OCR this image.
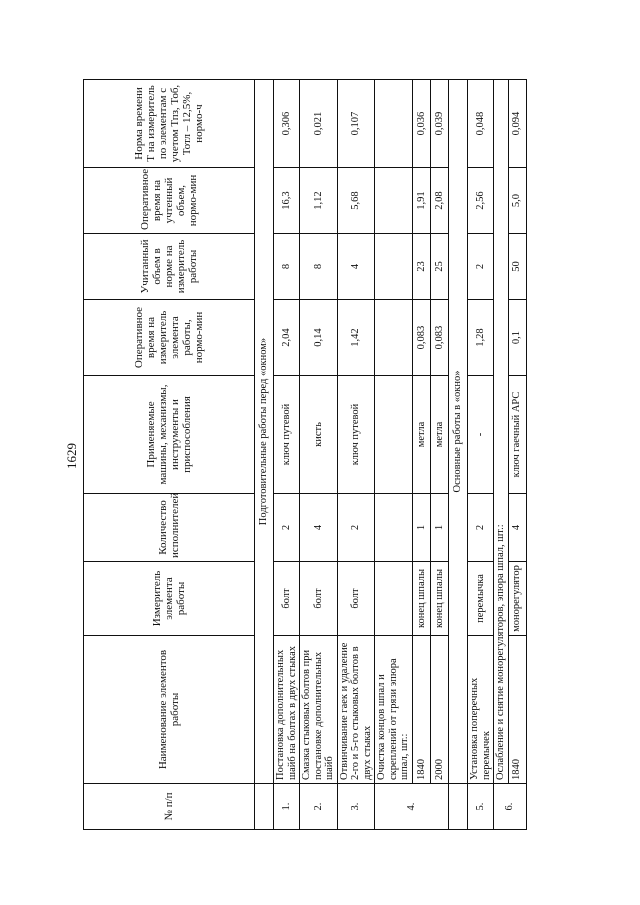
1629
№ п/п	Наименование элементов работы	Измеритель элемента работы	Количество исполнителей	Применяемые машины, механизмы, инструменты и приспособления	Оперативное время на измеритель элемента работы, нормо-мин	Учитанный объем в норме на измеритель работы	Оперативное время на учтенный объем, нормо-мин	Норма времени Т на измеритель по элементам с учетом Тпз, Тоб, Тотл – 12,5%, нормо-ч
	Подготовительные работы перед «окном»							
1.	Постановка дополнительных шайб на болтах в двух стыках	болт	2	ключ путевой	2,04	8	16,3	0,306
2.	Смазка стыковых болтов при постановке дополнительных шайб	болт	4	кисть	0,14	8	1,12	0,021
3.	Отвинчивание гаек и удаление 2-го и 5-го стыковых болтов в двух стыках	болт	2	ключ путевой	1,42	4	5,68	0,107
4.	Очистка концов шпал и скреплений от грязи эпюра шпал, шт.:							
	1840	конец шпалы	1	метла	0,083	23	1,91	0,036
	2000	конец шпалы	1	метла	0,083	25	2,08	0,039
	Основные работы в «окно»							
5.	Установка поперечных перемычек	перемычка	2	-	1,28	2	2,56	0,048
6.	Ослабление и снятие монорегуляторов, эпюра шпал, шт.:							
	1840	монорегулятор	4	ключ гаечный АРС	0,1	50	5,0	0,094
